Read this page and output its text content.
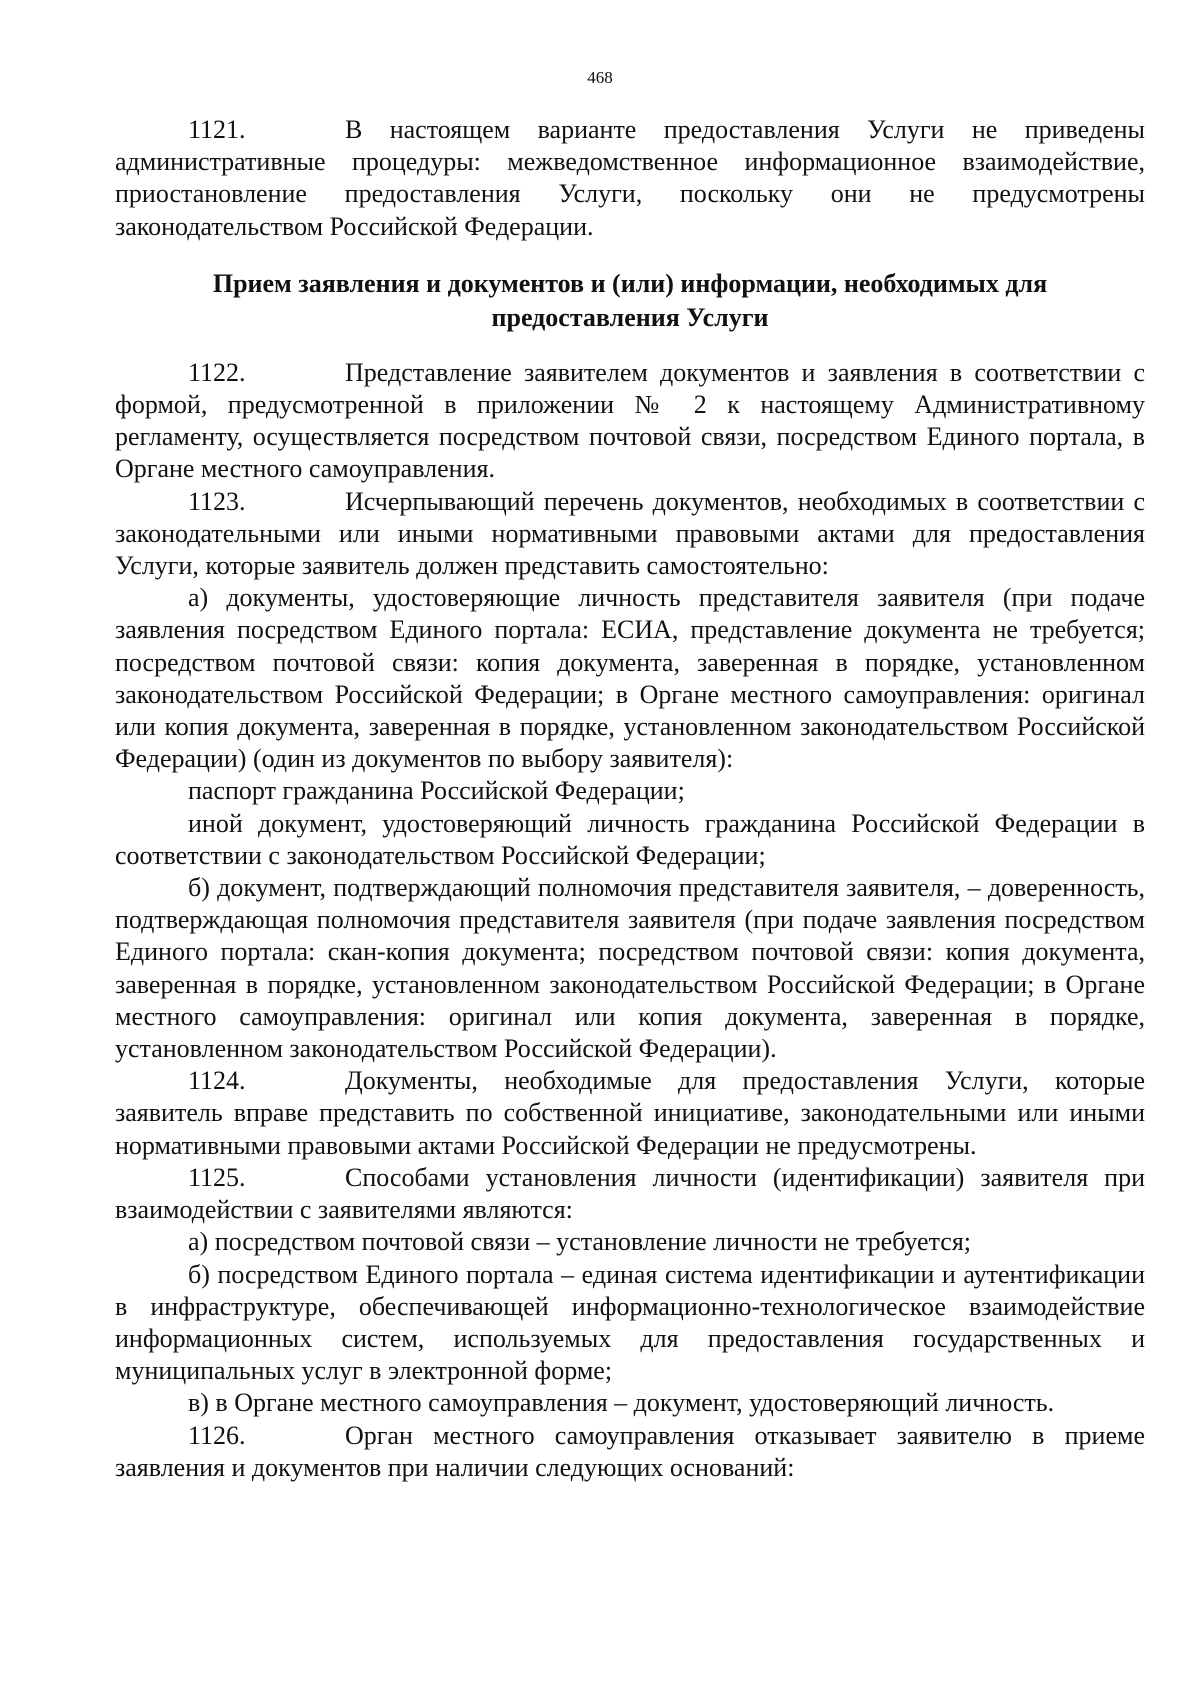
468

1121.	В настоящем варианте предоставления Услуги не приведены административные процедуры: межведомственное информационное взаимодействие, приостановление предоставления Услуги, поскольку они не предусмотрены законодательством Российской Федерации.

Прием заявления и документов и (или) информации, необходимых для
предоставления Услуги

1122.	Представление заявителем документов и заявления в соответствии с формой, предусмотренной в приложении № 2 к настоящему Административному регламенту, осуществляется посредством почтовой связи, посредством Единого портала, в Органе местного самоуправления.

1123.	Исчерпывающий перечень документов, необходимых в соответствии с законодательными или иными нормативными правовыми актами для предоставления Услуги, которые заявитель должен представить самостоятельно:

а) документы, удостоверяющие личность представителя заявителя (при подаче заявления посредством Единого портала: ЕСИА, представление документа не требуется; посредством почтовой связи: копия документа, заверенная в порядке, установленном законодательством Российской Федерации; в Органе местного самоуправления: оригинал или копия документа, заверенная в порядке, установленном законодательством Российской Федерации) (один из документов по выбору заявителя):

паспорт гражданина Российской Федерации;

иной документ, удостоверяющий личность гражданина Российской Федерации в соответствии с законодательством Российской Федерации;

б) документ, подтверждающий полномочия представителя заявителя, – доверенность, подтверждающая полномочия представителя заявителя (при подаче заявления посредством Единого портала: скан-копия документа; посредством почтовой связи: копия документа, заверенная в порядке, установленном законодательством Российской Федерации; в Органе местного самоуправления: оригинал или копия документа, заверенная в порядке, установленном законодательством Российской Федерации).

1124.	Документы, необходимые для предоставления Услуги, которые заявитель вправе представить по собственной инициативе, законодательными или иными нормативными правовыми актами Российской Федерации не предусмотрены.

1125.	Способами установления личности (идентификации) заявителя при взаимодействии с заявителями являются:

а) посредством почтовой связи – установление личности не требуется;

б) посредством Единого портала – единая система идентификации и аутентификации в инфраструктуре, обеспечивающей информационно-технологическое взаимодействие информационных систем, используемых для предоставления государственных и муниципальных услуг в электронной форме;

в) в Органе местного самоуправления – документ, удостоверяющий личность.

1126.	Орган местного самоуправления отказывает заявителю в приеме заявления и документов при наличии следующих оснований:
